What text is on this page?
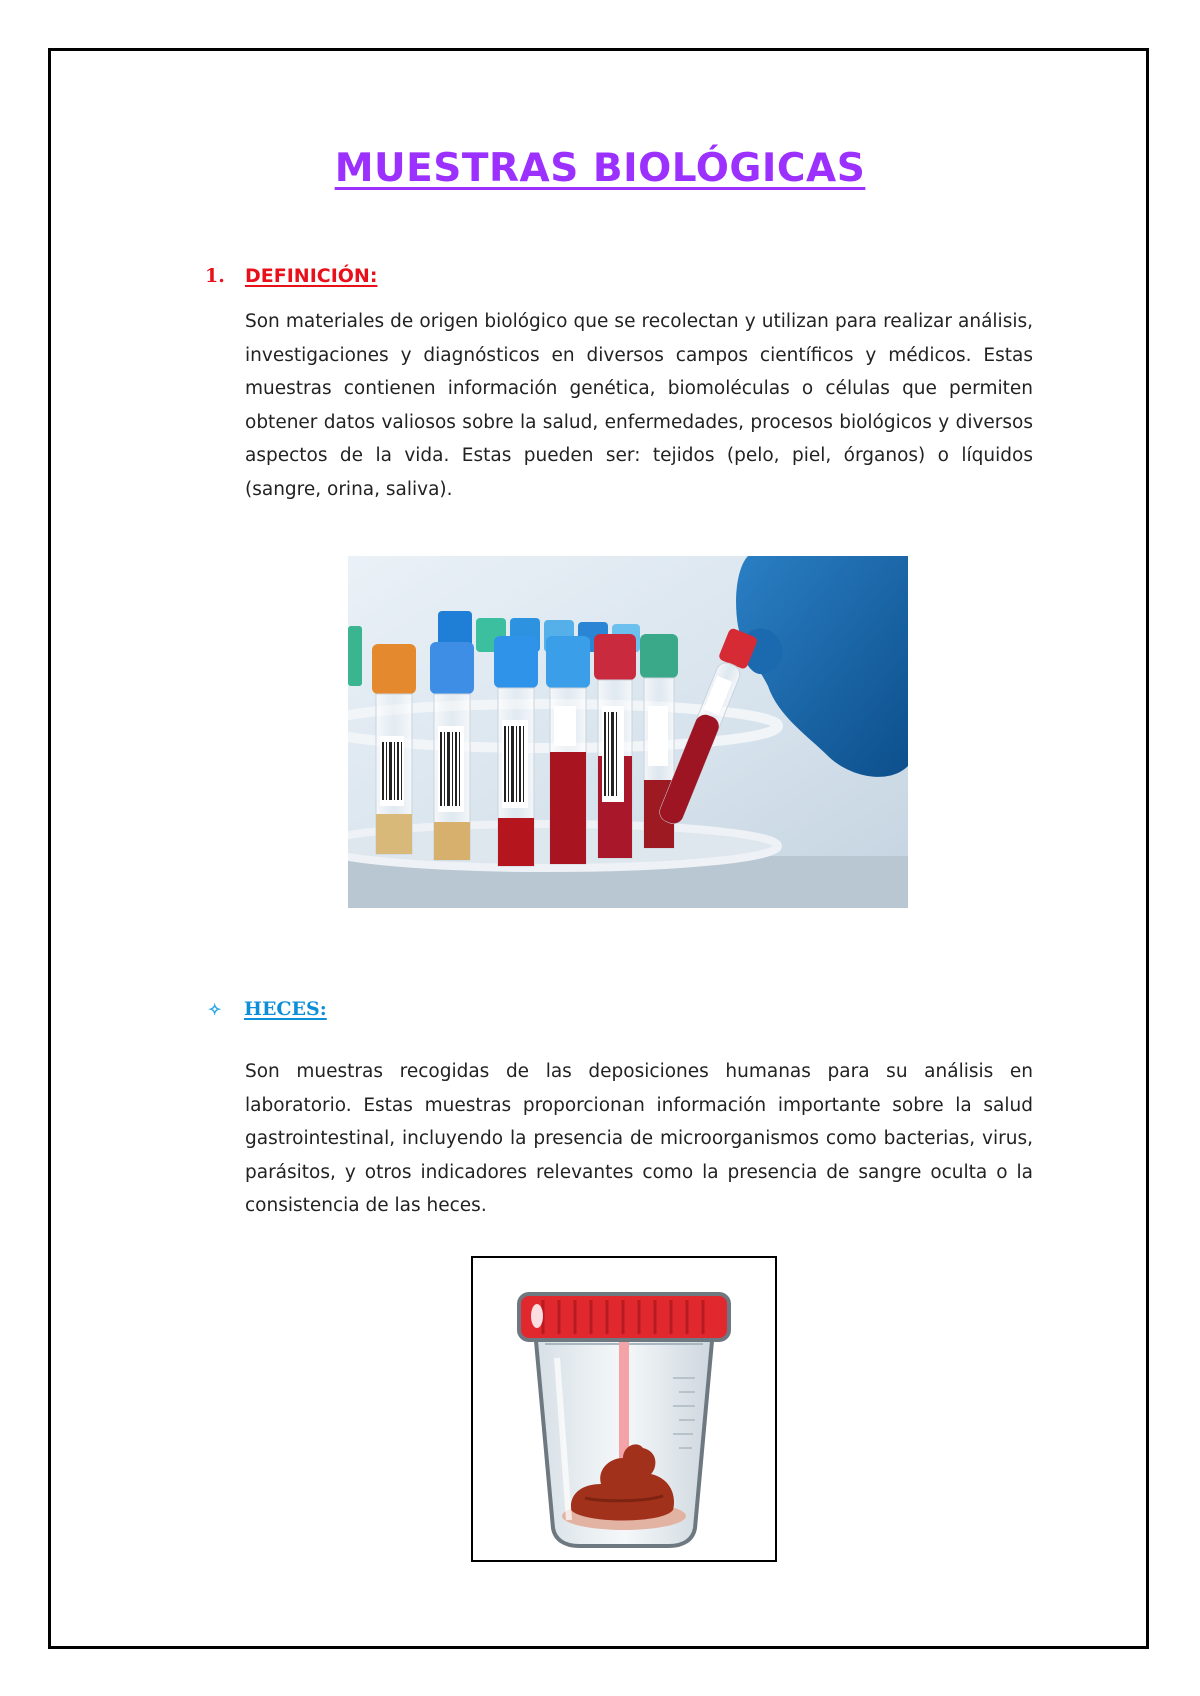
MUESTRAS BIOLÓGICAS
1. DEFINICIÓN:

Son materiales de origen biológico que se recolectan y utilizan para realizar análisis, investigaciones y diagnósticos en diversos campos científicos y médicos. Estas muestras contienen información genética, biomoléculas o células que permiten obtener datos valiosos sobre la salud, enfermedades, procesos biológicos y diversos aspectos de la vida. Estas pueden ser: tejidos (pelo, piel, órganos) o líquidos (sangre, orina, saliva).

✧ HECES:

Son muestras recogidas de las deposiciones humanas para su análisis en laboratorio. Estas muestras proporcionan información importante sobre la salud gastrointestinal, incluyendo la presencia de microorganismos como bacterias, virus, parásitos, y otros indicadores relevantes como la presencia de sangre oculta o la consistencia de las heces.
